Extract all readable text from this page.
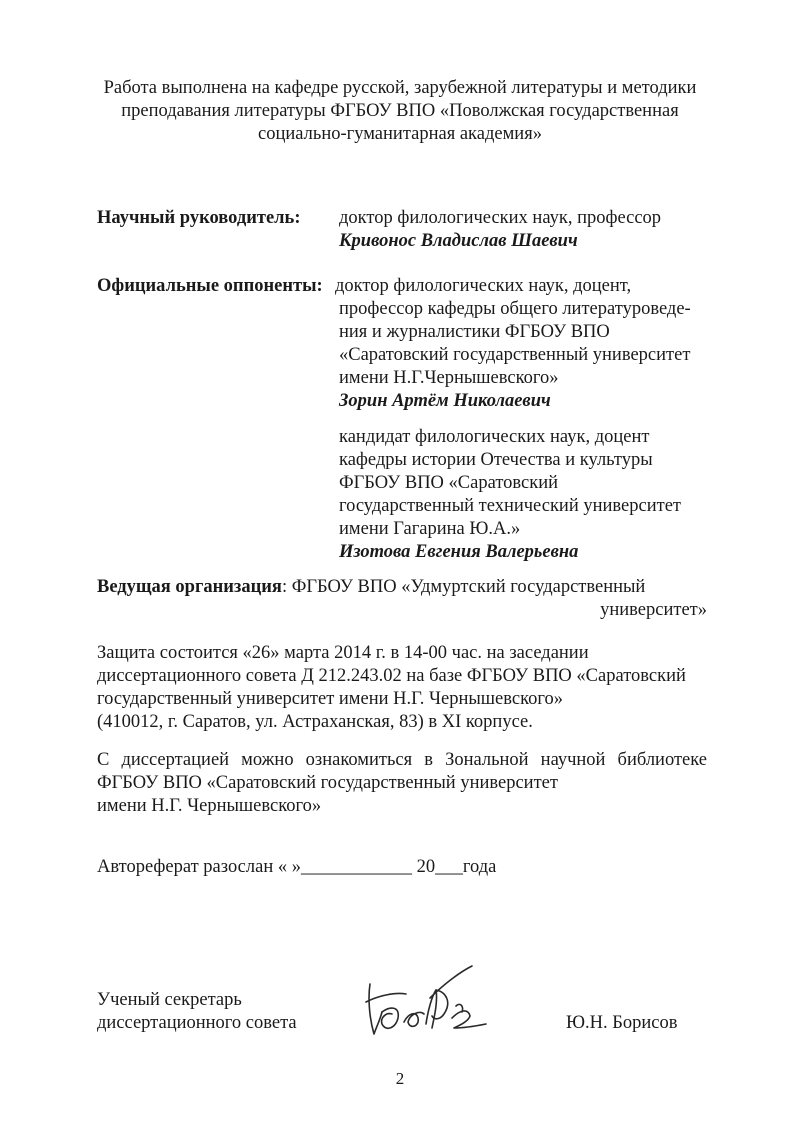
Работа выполнена на кафедре русской, зарубежной литературы и методики
преподавания литературы ФГБОУ ВПО «Поволжская государственная
социально-гуманитарная академия»
Научный руководитель: доктор филологических наук, профессор
Кривонос Владислав Шаевич
Официальные оппоненты: доктор филологических наук, доцент,
профессор кафедры общего литературоведе-
ния и журналистики ФГБОУ ВПО
«Саратовский государственный университет
имени Н.Г.Чернышевского»
Зорин Артём Николаевич
кандидат филологических наук, доцент
кафедры истории Отечества и культуры
ФГБОУ ВПО «Саратовский
государственный технический университет
имени Гагарина Ю.А.»
Изотова Евгения Валерьевна
Ведущая организация: ФГБОУ ВПО «Удмуртский государственный
университет»
Защита состоится «26» марта 2014 г. в 14-00 час. на заседании
диссертационного совета Д 212.243.02 на базе ФГБОУ ВПО «Саратовский
государственный университет имени Н.Г. Чернышевского»
(410012, г. Саратов, ул. Астраханская, 83) в XI корпусе.
С диссертацией можно ознакомиться в Зональной научной библиотеке
ФГБОУ ВПО «Саратовский государственный университет
имени Н.Г. Чернышевского»
Автореферат разослан « »____________ 20___года
Ученый секретарь
диссертационного совета	Ю.Н. Борисов
2
